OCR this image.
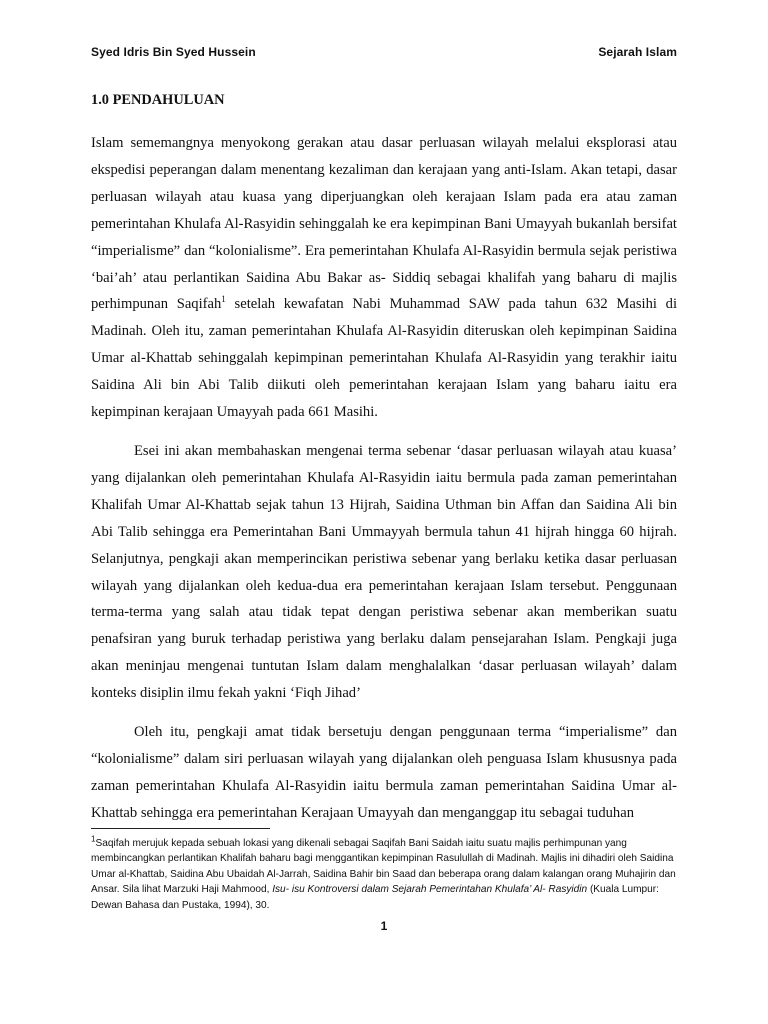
Syed Idris Bin Syed Hussein	Sejarah Islam
1.0 PENDAHULUAN

Islam sememangnya menyokong gerakan atau dasar perluasan wilayah melalui eksplorasi atau ekspedisi peperangan dalam menentang kezaliman dan kerajaan yang anti-Islam. Akan tetapi, dasar perluasan wilayah atau kuasa yang diperjuangkan oleh kerajaan Islam pada era atau zaman pemerintahan Khulafa Al-Rasyidin sehinggalah ke era kepimpinan Bani Umayyah bukanlah bersifat “imperialisme” dan “kolonialisme”. Era pemerintahan Khulafa Al-Rasyidin bermula sejak peristiwa ‘bai’ah’ atau perlantikan Saidina Abu Bakar as- Siddiq sebagai khalifah yang baharu di majlis perhimpunan Saqifah$^1$ setelah kewafatan Nabi Muhammad SAW pada tahun 632 Masihi di Madinah. Oleh itu, zaman pemerintahan Khulafa Al-Rasyidin diteruskan oleh kepimpinan Saidina Umar al-Khattab sehinggalah kepimpinan pemerintahan Khulafa Al-Rasyidin yang terakhir iaitu Saidina Ali bin Abi Talib diikuti oleh pemerintahan kerajaan Islam yang baharu iaitu era kepimpinan kerajaan Umayyah pada 661 Masihi.

Esei ini akan membahaskan mengenai terma sebenar ‘dasar perluasan wilayah atau kuasa’ yang dijalankan oleh pemerintahan Khulafa Al-Rasyidin iaitu bermula pada zaman pemerintahan Khalifah Umar Al-Khattab sejak tahun 13 Hijrah, Saidina Uthman bin Affan dan Saidina Ali bin Abi Talib sehingga era Pemerintahan Bani Ummayyah bermula tahun 41 hijrah hingga 60 hijrah. Selanjutnya, pengkaji akan memperincikan peristiwa sebenar yang berlaku ketika dasar perluasan wilayah yang dijalankan oleh kedua-dua era pemerintahan kerajaan Islam tersebut. Penggunaan terma-terma yang salah atau tidak tepat dengan peristiwa sebenar akan memberikan suatu penafsiran yang buruk terhadap peristiwa yang berlaku dalam pensejarahan Islam. Pengkaji juga akan meninjau mengenai tuntutan Islam dalam menghalalkan ‘dasar perluasan wilayah’ dalam konteks disiplin ilmu fekah yakni ‘Fiqh Jihad’

Oleh itu, pengkaji amat tidak bersetuju dengan penggunaan terma “imperialisme” dan “kolonialisme” dalam siri perluasan wilayah yang dijalankan oleh penguasa Islam khususnya pada zaman pemerintahan Khulafa Al-Rasyidin iaitu bermula zaman pemerintahan Saidina Umar al-Khattab sehingga era pemerintahan Kerajaan Umayyah dan menganggap itu sebagai tuduhan

$^1$Saqifah merujuk kepada sebuah lokasi yang dikenali sebagai Saqifah Bani Saidah iaitu suatu majlis perhimpunan yang membincangkan perlantikan Khalifah baharu bagi menggantikan kepimpinan Rasulullah di Madinah. Majlis ini dihadiri oleh Saidina Umar al-Khattab, Saidina Abu Ubaidah Al-Jarrah, Saidina Bahir bin Saad dan beberapa orang dalam kalangan orang Muhajirin dan Ansar. Sila lihat Marzuki Haji Mahmood, Isu- isu Kontroversi dalam Sejarah Pemerintahan Khulafa’ Al- Rasyidin (Kuala Lumpur: Dewan Bahasa dan Pustaka, 1994), 30.

1
